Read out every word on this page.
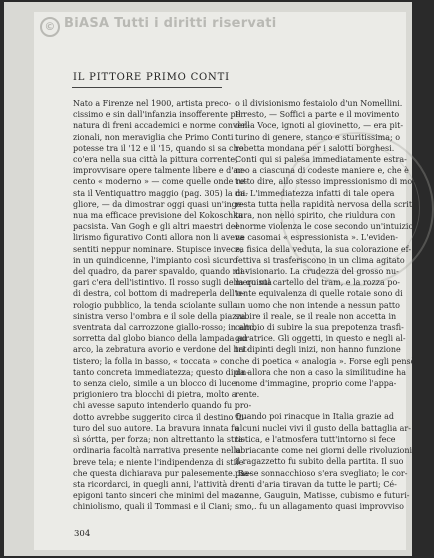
© BiASA Tutti i diritti riservati
IL PITTORE PRIMO CONTI
Nato a Firenze nel 1900, artista preco-
cissimo e sin dall'infanzia insofferente per
natura di freni accademici e norme conven-
zionali, non meraviglia che Primo Conti
potesse tra il '12 e il '15, quando si sa che
co'era nella sua città la pittura corrente,
improvvisare opere talmente libere e d'ac-
cento « moderno » — come quelle onde re-
sta il Ventiquattro maggio (pag. 305) la mi-
gliore, — da dimostrar oggi quasi un'inge-
nua ma efficace previsione del Kokoschka
pacsista. Van Gogh e gli altri maestri del
lirismo figurativo Conti allora non li aveva
sentiti neppur nominare. Stupisce invece,
in un quindicenne, l'impianto così sicuro
del quadro, da parer spavaldo, quando ma-
gari c'era dell'istintivo. Il rosso sugli della quinta
di destra, col bottom di madreperla dell'o-
rologio pubblico, la tenda sciolante sulla
sinistra verso l'ombra e il sole della piazza
sventrata dal carrozzone giallo-rosso; in alto,
sorretta dal globo bianco della lampada ad
arco, la zebratura avorio e verdone del bat-
tistero; la folla in basso, « toccata » con
tanto concreta immediatezza; questo dipin-
to senza cielo, simile a un blocco di luce
prigioniero tra blocchi di pietra, molto a
chi avesse saputo intenderlo quando fu pro-
dotto avrebbe suggerito circa il destino fu-
turo del suo autore. La bravura innata fu
sì sórtta, per forza; non altrettanto la stra-
ordinaria facoltà narrativa presente nella
breve tela; e niente l'indipendenza di stile
che questa dichiarava pur palesemente. Ba-
sta ricordarci, in quegli anni, l'attività di
epigoni tanto sinceri che minimi del mac-
chiniolismo, quali il Tommasi e il Ciani;
o il divisionismo festaiolo d'un Nomellini.
Il resto, — Soffici a parte e il movimento
della Voce, ignoti al giovinetto, — era pit-
turino di genere, stanco e sturitissima; o
robetta mondana per i salotti borghesi.
Conti qui si palesa immediatamente estra-
neo a ciascuna di codeste maniere e, che è
tutto dire, allo stesso impressionismo di mo-
da. L'immediatezza infatti di tale opera
resta tutta nella rapidità nervosa della scrit-
tura, non nello spirito, che riuldura con
enorme violenza le cose secondo un'intuizio-
ne casomai « espressionista ». L'eviden-
za fisica della veduta, la sua colorazione ef-
fettiva si trasferiscono in un clima agitato
di visionario. La crudezza del grosso nu-
mero sul cartello del tram, e la rozza po-
tente equivalenza di quelle rotaie sono di
un uomo che non intende a nessun patto
subire il reale, se il reale non accetta in
cambio di subire la sua prepotenza trasfi-
guratrice. Gli oggetti, in questo e negli al-
tri dipinti degli inizi, non hanno funzione
che di poetica « analogia ». Forse egli pensò
da allora che non a caso la similitudine ha
nome d'immagine, proprio come l'appa-
rente.
Quando poi rinacque in Italia grazie ad
alcuni nuclei vivi il gusto della battaglia ar-
tistica, e l'atmosfera tutt'intorno si fece
ubriacante come nei giorni delle rivoluzioni,
il ragazzetto fu subito della partita. Il suo
paese sonnacchioso s'era svegliato; le cor-
renti d'aria tiravan da tutte le parti; Cé-
zanne, Gauguin, Matisse, cubismo e futuri-
smo,. fu un allagamento quasi improvviso
304
